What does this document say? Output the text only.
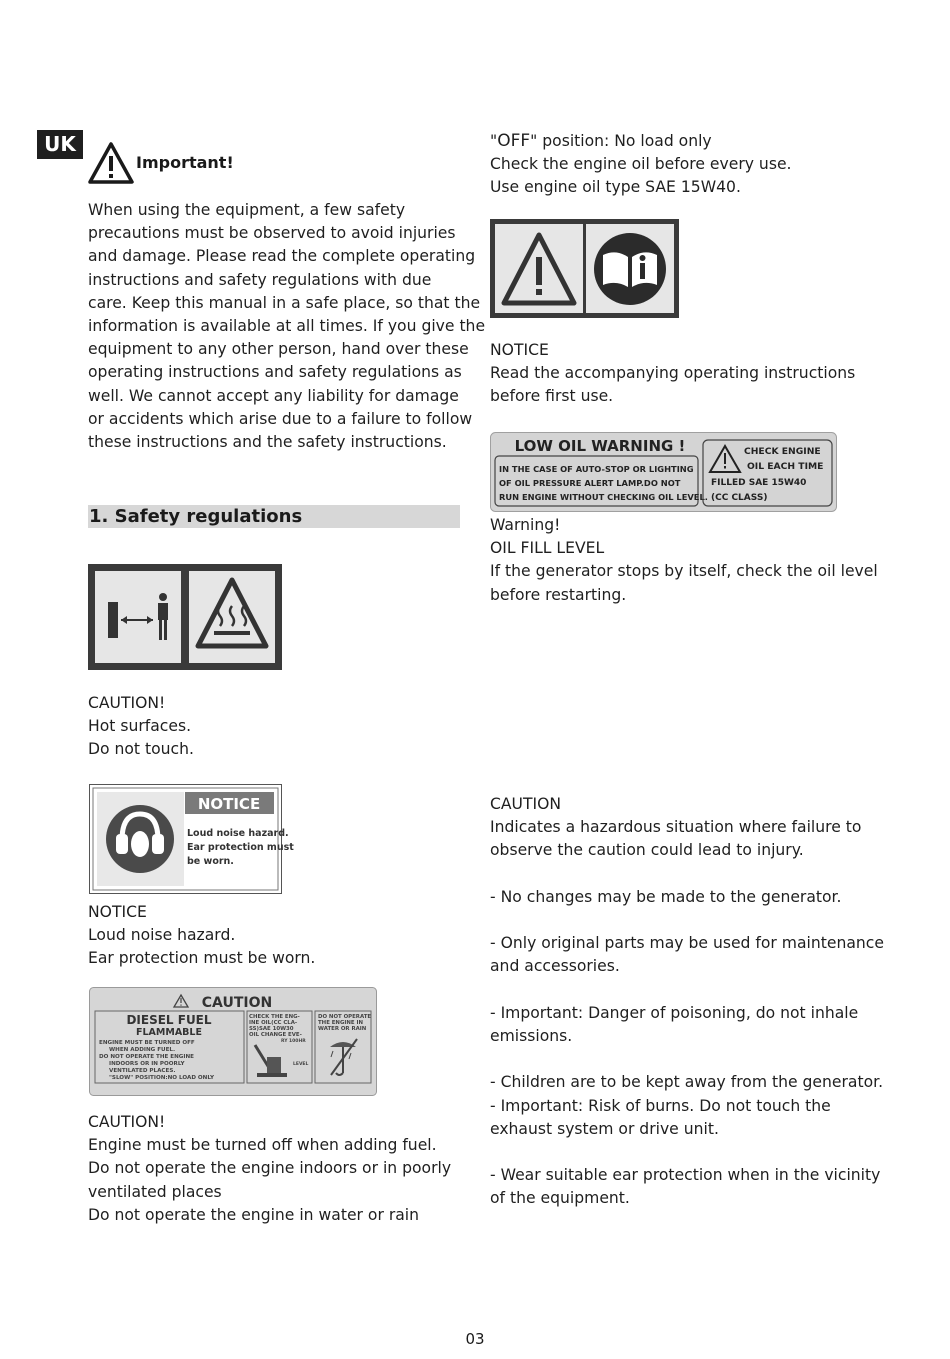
UK
Important!
When using the equipment, a few safety
precautions must be observed to avoid injuries
and damage. Please read the complete operating
instructions and safety regulations with due
care. Keep this manual in a safe place, so that the
information is available at all times. If you give the
equipment to any other person, hand over these
operating instructions and safety regulations as
well. We cannot accept any liability for damage
or accidents which arise due to a failure to follow
these instructions and the safety instructions.
1. Safety regulations
CAUTION!
Hot surfaces.
Do not touch.
NOTICE
Loud noise hazard.
Ear protection must
be worn.
NOTICE
Loud noise hazard.
Ear protection must be worn.
CAUTION
DIESEL FUEL
FLAMMABLE
ENGINE MUST BE TURNED OFF
WHEN ADDING FUEL.
DO NOT OPERATE THE ENGINE
INDOORS OR IN POORLY
VENTILATED PLACES.
"SLOW" POSITION:NO LOAD ONLY
CHECK THE ENG-
INE OIL(CC CLA-
SS)SAE 10W30
OIL CHANGE EVE-
RY 100HR
LEVEL
DO NOT OPERATE
THE ENGINE IN
WATER OR RAIN
CAUTION!
Engine must be turned off when adding fuel.
Do not operate the engine indoors or in poorly
ventilated places
Do not operate the engine in water or rain
"OFF" position: No load only
Check the engine oil before every use.
Use engine oil type SAE 15W40.
NOTICE
Read the accompanying operating instructions
before first use.
LOW OIL WARNING !
IN THE CASE OF AUTO-STOP OR LIGHTING
OF OIL PRESSURE ALERT LAMP.DO NOT
RUN ENGINE WITHOUT CHECKING OIL LEVEL.
CHECK ENGINE
OIL EACH TIME
FILLED SAE 15W40
(CC CLASS)
Warning!
OIL FILL LEVEL
If the generator stops by itself, check the oil level
before restarting.
CAUTION
Indicates a hazardous situation where failure to
observe the caution could lead to injury.

- No changes may be made to the generator.

- Only original parts may be used for maintenance
and accessories.

- Important: Danger of poisoning, do not inhale
emissions.

- Children are to be kept away from the generator.
- Important: Risk of burns. Do not touch the
exhaust system or drive unit.

- Wear suitable ear protection when in the vicinity
of the equipment.
03
